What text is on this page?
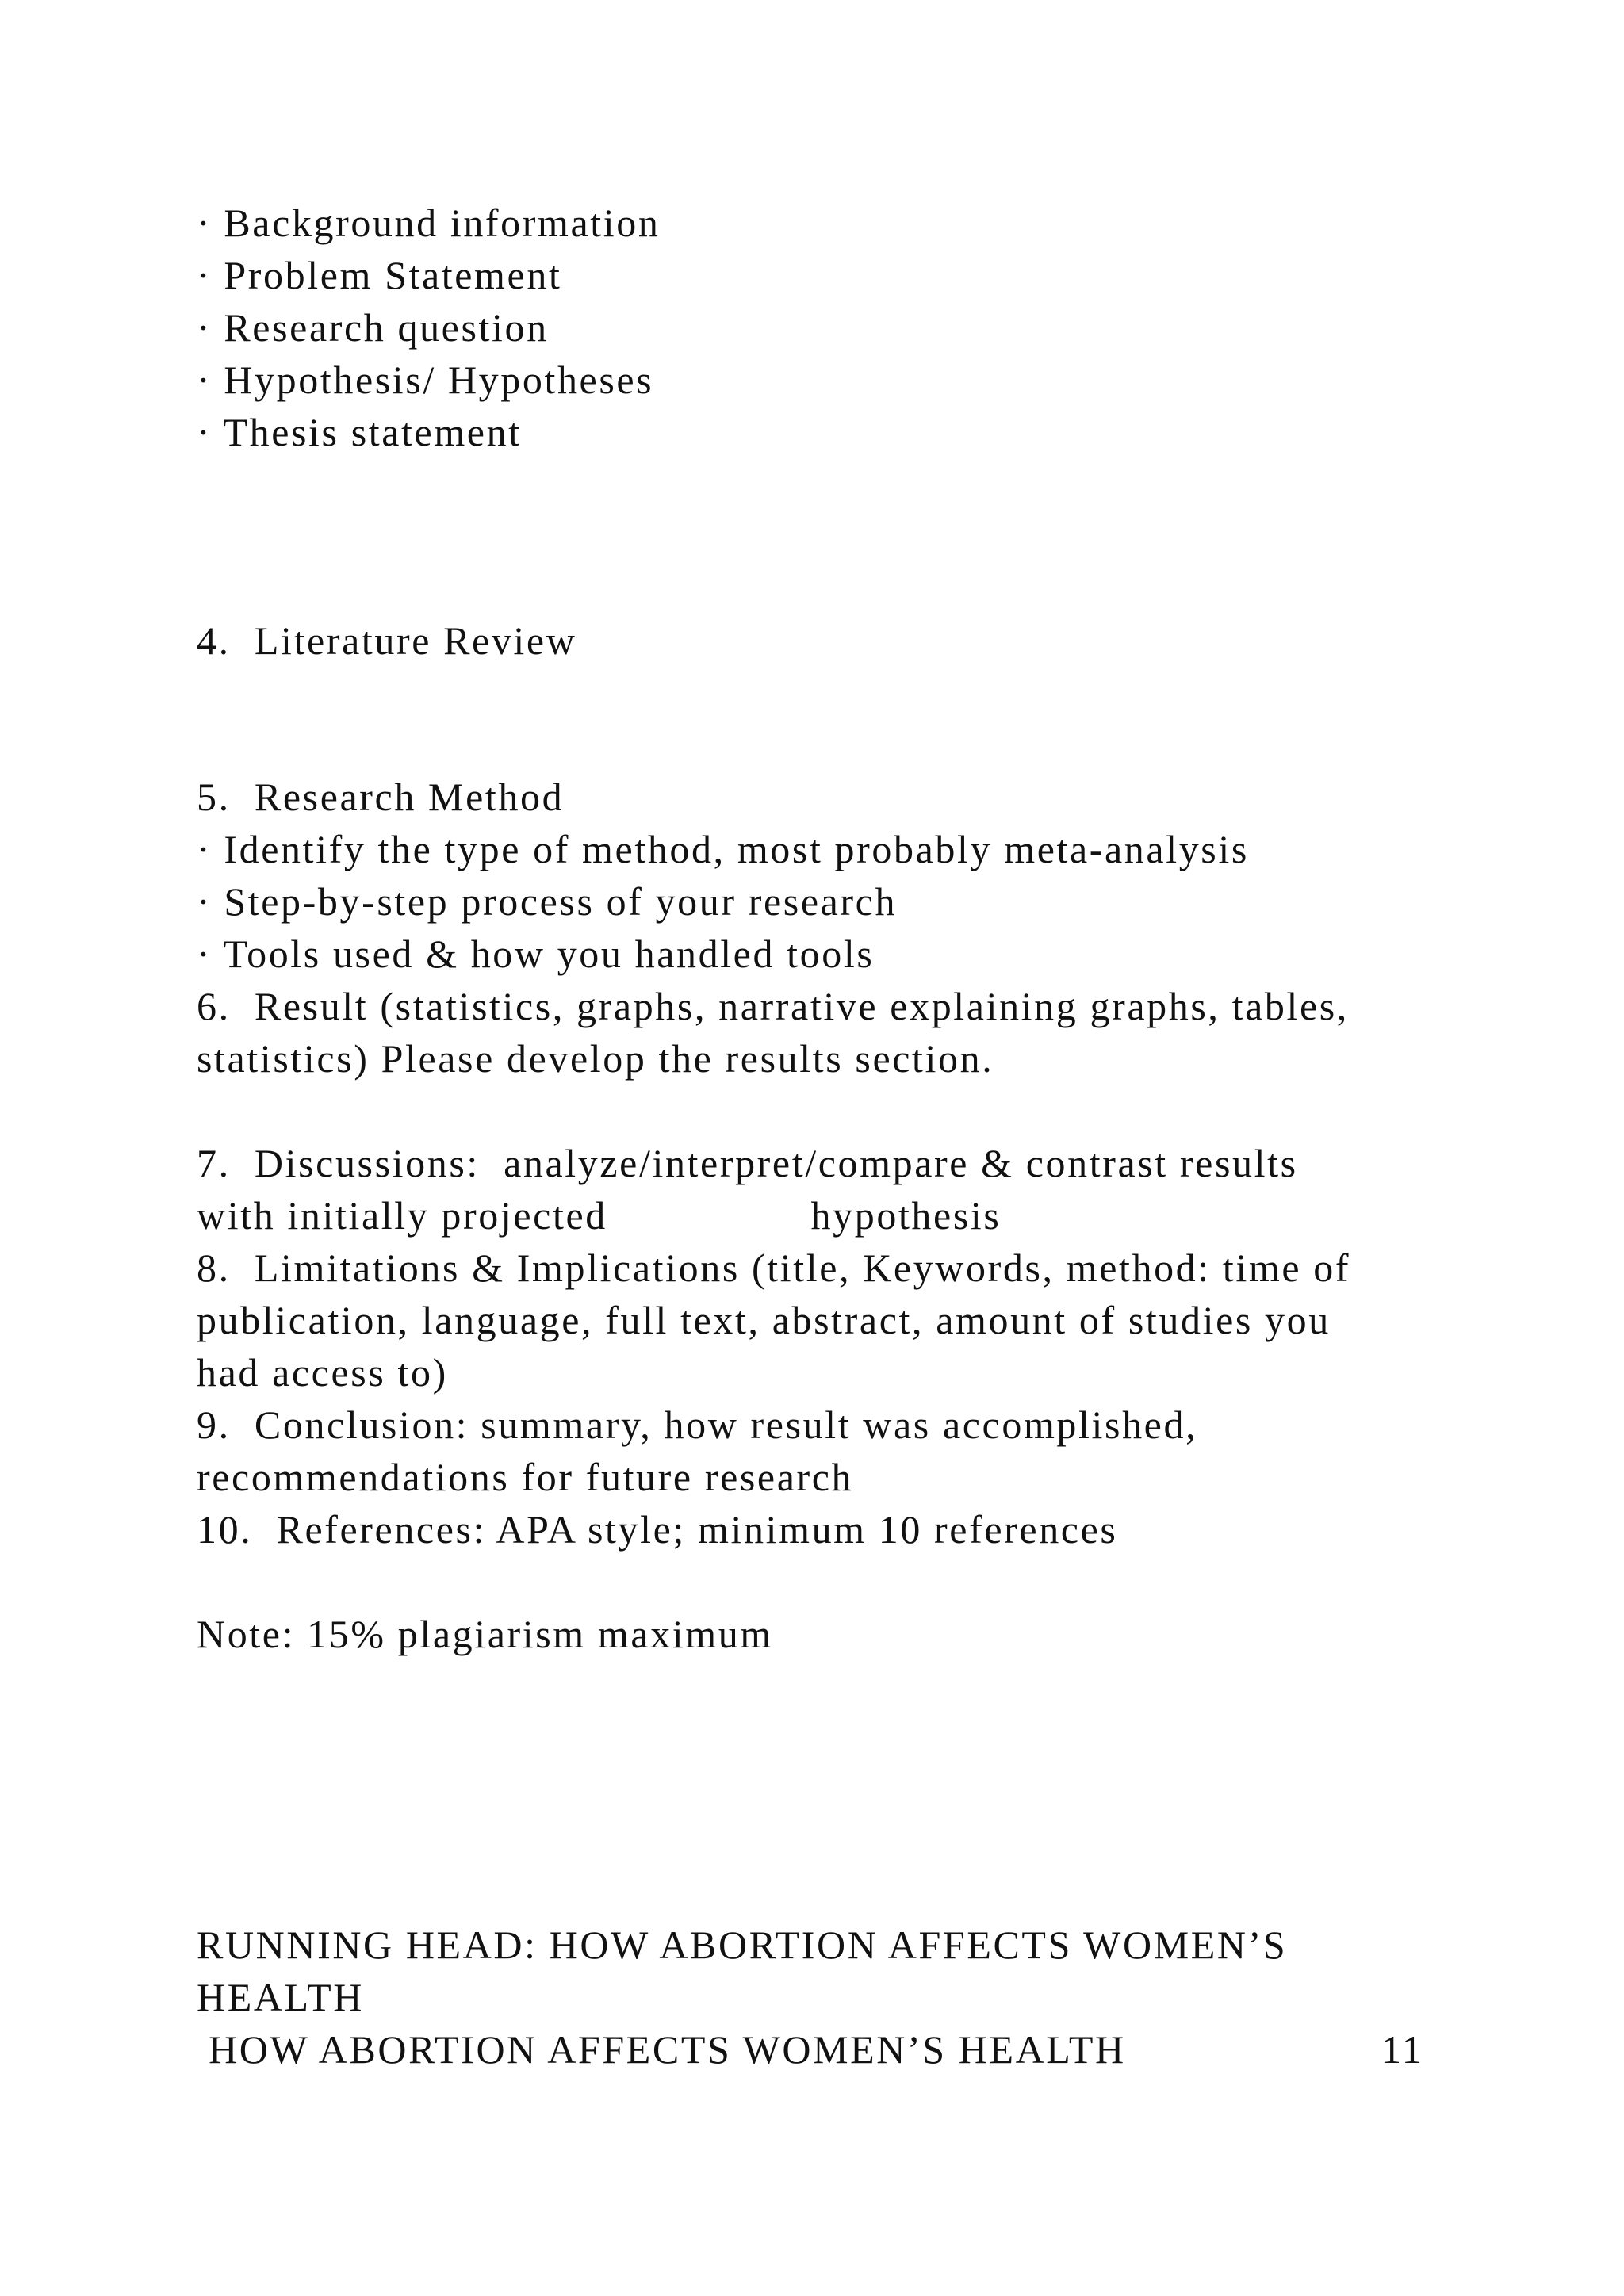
· Background information
· Problem Statement
· Research question
· Hypothesis/ Hypotheses
· Thesis statement
4.  Literature Review
5.  Research Method
· Identify the type of method, most probably meta-analysis
· Step-by-step process of your research
· Tools used & how you handled tools
6.  Result (statistics, graphs, narrative explaining graphs, tables,
statistics) Please develop the results section.
7.  Discussions:  analyze/interpret/compare & contrast results
with initially projected                 hypothesis
8.  Limitations & Implications (title, Keywords, method: time of
publication, language, full text, abstract, amount of studies you
had access to)
9.  Conclusion: summary, how result was accomplished,
recommendations for future research
10.  References: APA style; minimum 10 references
Note: 15% plagiarism maximum
RUNNING HEAD: HOW ABORTION AFFECTS WOMEN’S
HEALTH
HOW ABORTION AFFECTS WOMEN’S HEALTH	11
